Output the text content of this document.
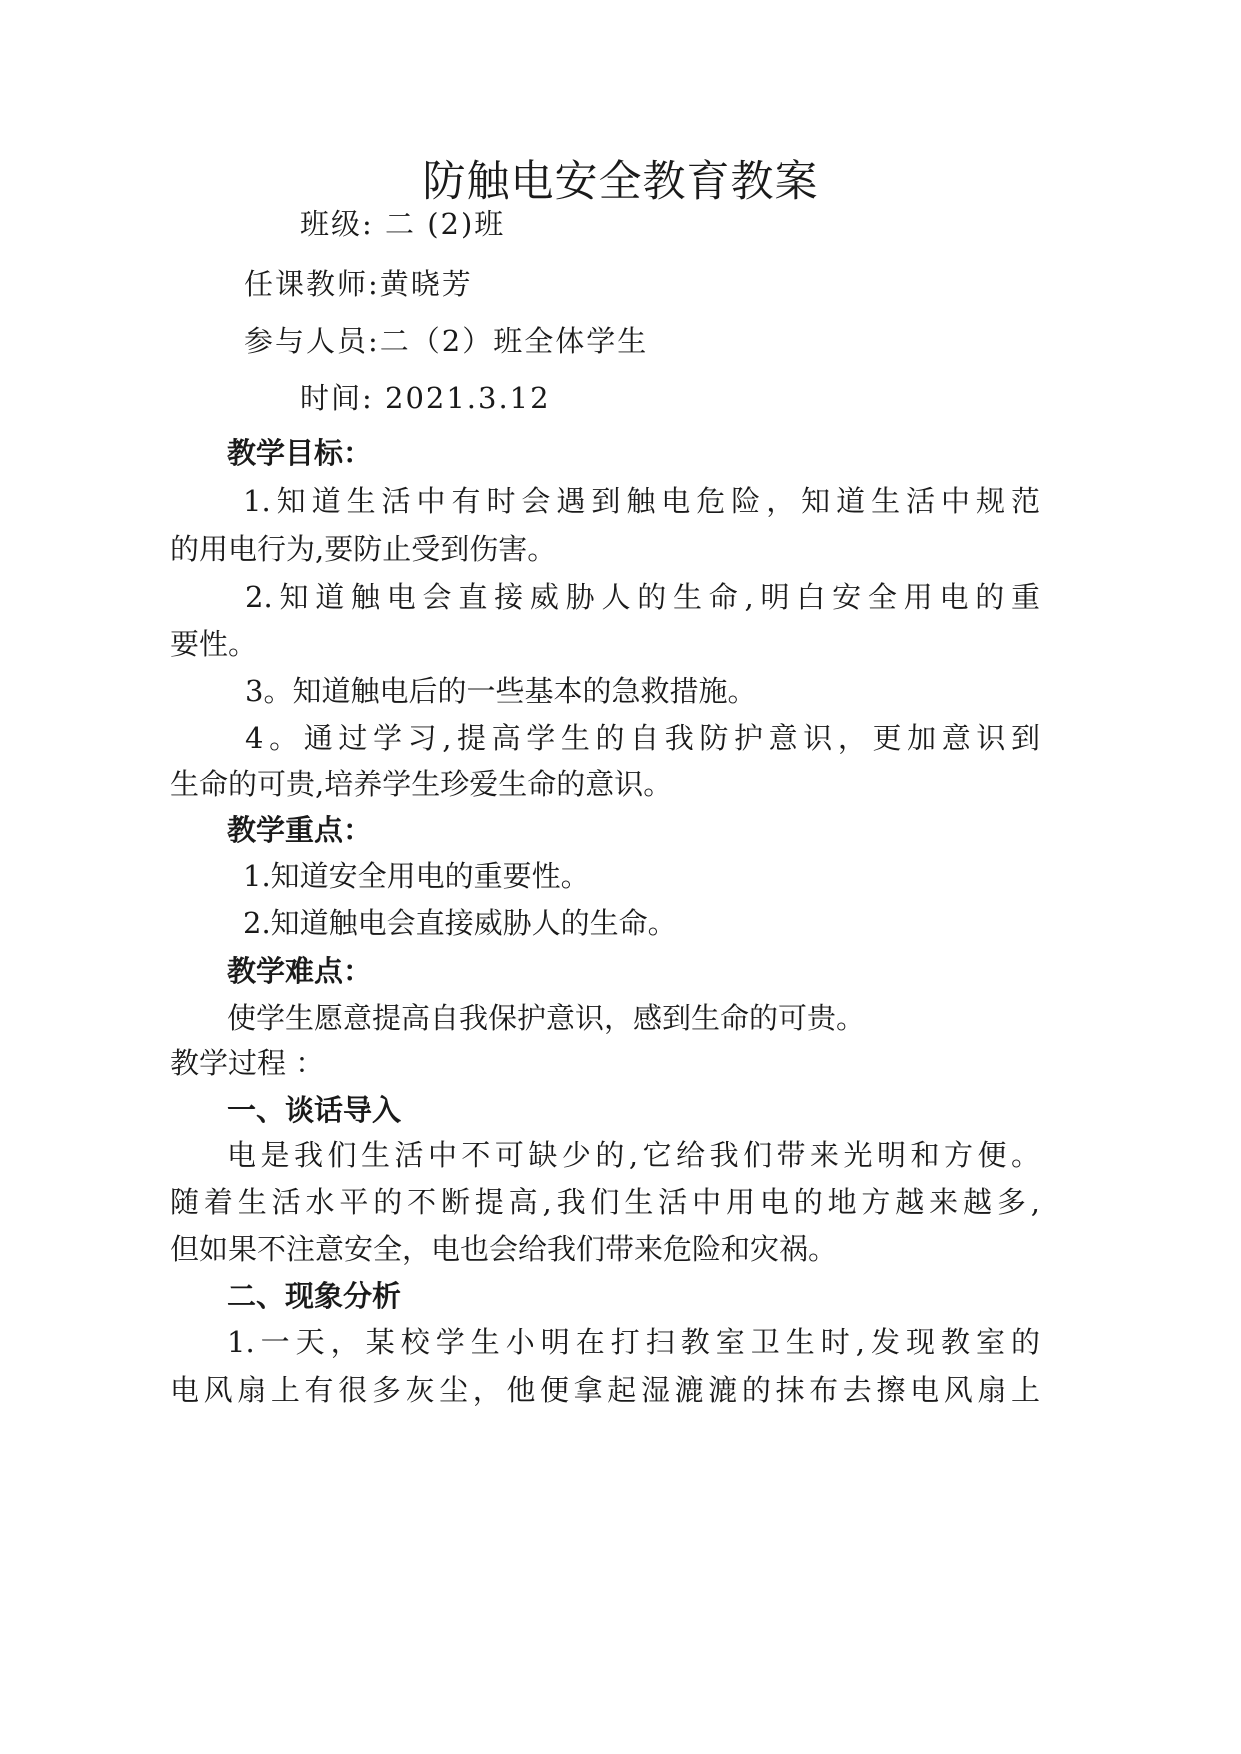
防触电安全教育教案
班级: 二 (2)班
任课教师:黄晓芳
参与人员:二（2）班全体学生
时间: 2021.3.12
教学目标：
1.知道生活中有时会遇到触电危险，知道生活中规范
的用电行为,要防止受到伤害。
2.知道触电会直接威胁人的生命,明白安全用电的重
要性。
3。知道触电后的一些基本的急救措施。
4。通过学习,提高学生的自我防护意识，更加意识到
生命的可贵,培养学生珍爱生命的意识。
教学重点：
1.知道安全用电的重要性。
2.知道触电会直接威胁人的生命。
教学难点：
使学生愿意提高自我保护意识，感到生命的可贵。
教学过程 ：
一、谈话导入
电是我们生活中不可缺少的,它给我们带来光明和方便。
随着生活水平的不断提高,我们生活中用电的地方越来越多,
但如果不注意安全，电也会给我们带来危险和灾祸。
二、现象分析
1.一天，某校学生小明在打扫教室卫生时,发现教室的
电风扇上有很多灰尘，他便拿起湿漉漉的抹布去擦电风扇上
